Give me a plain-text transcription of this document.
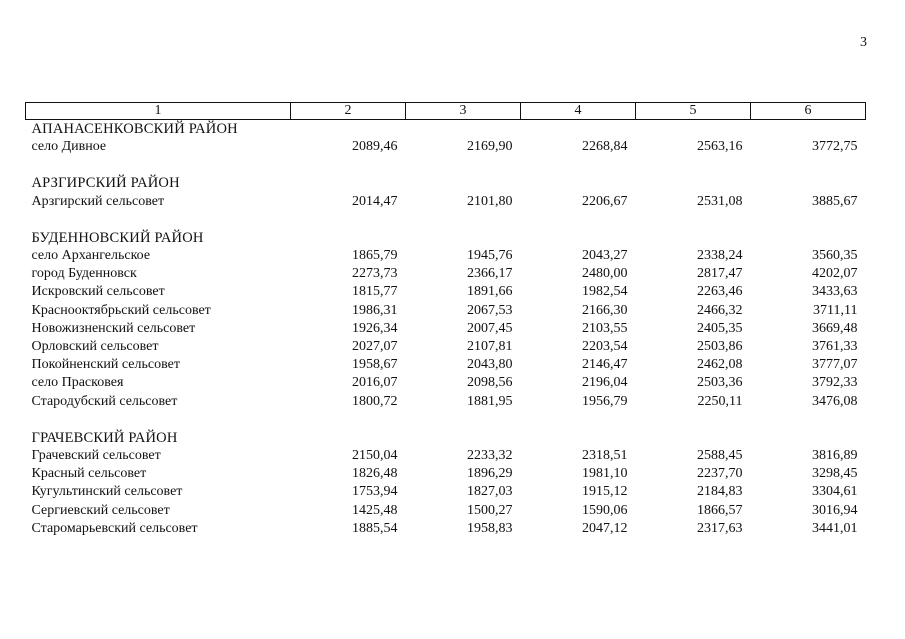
3
1	2	3	4	5	6
АПАНАСЕНКОВСКИЙ РАЙОН					
село Дивное	2089,46	2169,90	2268,84	2563,16	3772,75

АРЗГИРСКИЙ РАЙОН					
Арзгирский сельсовет	2014,47	2101,80	2206,67	2531,08	3885,67

БУДЕННОВСКИЙ РАЙОН					
село Архангельское	1865,79	1945,76	2043,27	2338,24	3560,35
город Буденновск	2273,73	2366,17	2480,00	2817,47	4202,07
Искровский сельсовет	1815,77	1891,66	1982,54	2263,46	3433,63
Краснооктябрьский сельсовет	1986,31	2067,53	2166,30	2466,32	3711,11
Новожизненский сельсовет	1926,34	2007,45	2103,55	2405,35	3669,48
Орловский сельсовет	2027,07	2107,81	2203,54	2503,86	3761,33
Покойненский сельсовет	1958,67	2043,80	2146,47	2462,08	3777,07
село Прасковея	2016,07	2098,56	2196,04	2503,36	3792,33
Стародубский сельсовет	1800,72	1881,95	1956,79	2250,11	3476,08

ГРАЧЕВСКИЙ РАЙОН					
Грачевский сельсовет	2150,04	2233,32	2318,51	2588,45	3816,89
Красный сельсовет	1826,48	1896,29	1981,10	2237,70	3298,45
Кугультинский сельсовет	1753,94	1827,03	1915,12	2184,83	3304,61
Сергиевский сельсовет	1425,48	1500,27	1590,06	1866,57	3016,94
Старомарьевский сельсовет	1885,54	1958,83	2047,12	2317,63	3441,01
